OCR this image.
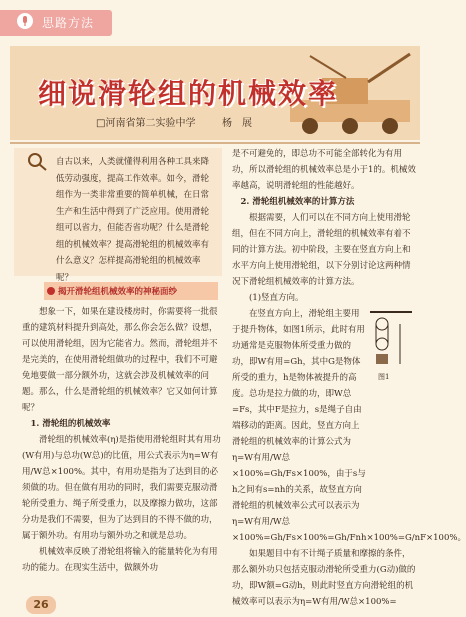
思路方法
细说滑轮组的机械效率
□河南省第二实验中学	杨　展

自古以来，人类就懂得利用各种工具来降低劳动强度，提高工作效率。如今，滑轮组作为一类非常重要的简单机械，在日常生产和生活中得到了广泛应用。使用滑轮组可以省力，但能否省功呢？什么是滑轮组的机械效率？提高滑轮组的机械效率有什么意义？怎样提高滑轮组的机械效率呢？

揭开滑轮组机械效率的神秘面纱

想象一下，如果在建设楼房时，你需要将一批很重的建筑材料提升到高处，那么你会怎么做？设想，可以使用滑轮组，因为它能省力。然而，滑轮组并不是完美的，在使用滑轮组做功的过程中，我们不可避免地要做一部分额外功，这就会涉及机械效率的问题。那么，什么是滑轮组的机械效率？它又如何计算呢？

1. 滑轮组的机械效率

滑轮组的机械效率(η)是指使用滑轮组时其有用功(W有用)与总功(W总)的比值，用公式表示为η=W有用/W总×100%。其中，有用功是指为了达到目的必须做的功。但在做有用功的同时，我们需要克服动滑轮所受重力、绳子所受重力，以及摩擦力做功，这部分功是我们不需要，但为了达到目的不得不做的功，属于额外功。有用功与额外功之和就是总功。

机械效率反映了滑轮组将输入的能量转化为有用功的能力。在现实生活中，做额外功

是不可避免的，即总功不可能全部转化为有用功，所以滑轮组的机械效率总是小于1的。机械效率越高，说明滑轮组的性能越好。

2. 滑轮组机械效率的计算方法

根据需要，人们可以在不同方向上使用滑轮组，但在不同方向上，滑轮组的机械效率有着不同的计算方法。初中阶段，主要在竖直方向上和水平方向上使用滑轮组，以下分别讨论这两种情况下滑轮组机械效率的计算方法。

(1)竖直方向。

在竖直方向上，滑轮组主要用于提升物体，如图1所示，此时有用功通常是克服物体所受重力做的功，即W有用=Gh，其中G是物体所受的重力，h是物体被提升的高度。总功是拉力做的功，即W总=Fs，其中F是拉力，s是绳子自由端移动的距离。因此，竖直方向上滑轮组的机械效率的计算公式为η=W有用/W总×100%=Gh/Fs×100%，由于s与h之间有s=nh的关系，故竖直方向滑轮组的机械效率公式可以表示为η=W有用/W总×100%=Gh/Fs×100%=Gh/Fnh×100%=G/nF×100%。

如果题目中有不计绳子质量和摩擦的条件，那么额外功只包括克服动滑轮所受重力(G动)做的功，即W额=G动h，则此时竖直方向滑轮组的机械效率可以表示为η=W有用/W总×100%=

图1
26
